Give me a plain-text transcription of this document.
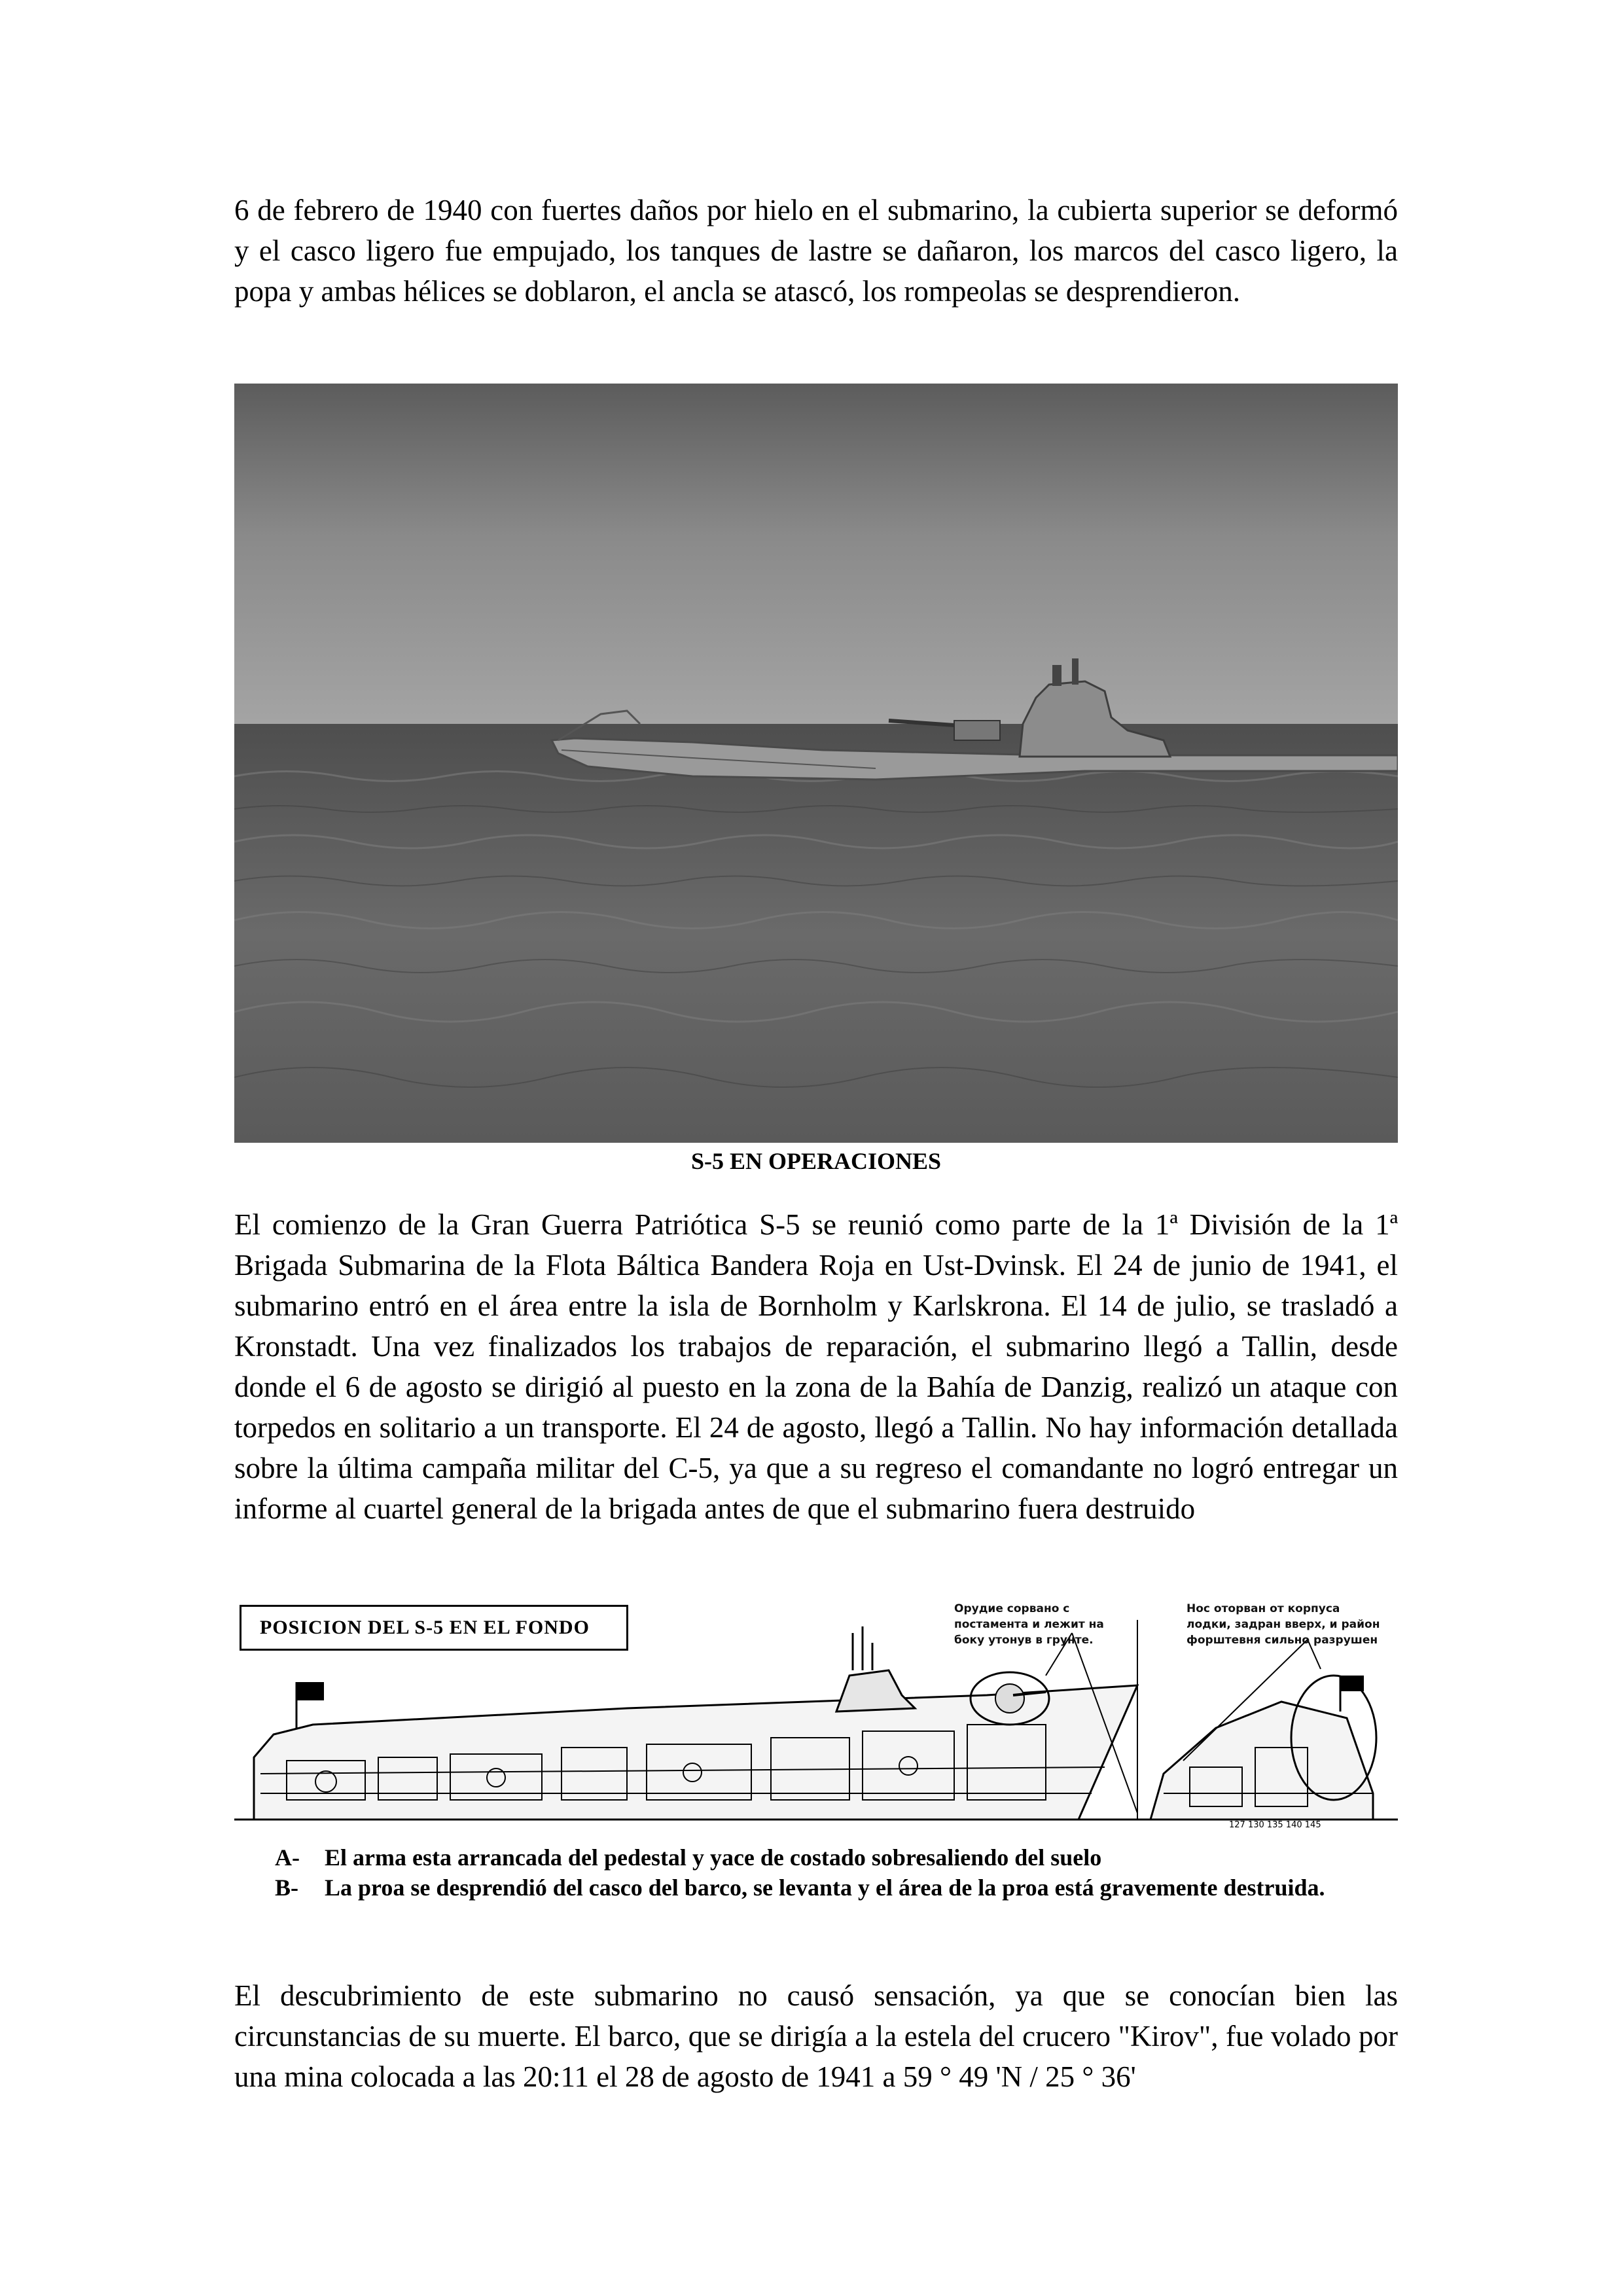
6 de febrero de 1940 con fuertes daños por hielo en el submarino, la cubierta superior se deformó y el casco ligero fue empujado, los tanques de lastre se dañaron, los marcos del casco ligero, la popa y ambas hélices se doblaron, el ancla se atascó, los rompeolas se desprendieron.

S-5 EN OPERACIONES

El comienzo de la Gran Guerra Patriótica S-5 se reunió como parte de la 1ª División de la 1ª Brigada Submarina de la Flota Báltica Bandera Roja en Ust-Dvinsk. El 24 de junio de 1941, el submarino entró en el área entre la isla de Bornholm y Karlskrona. El 14 de julio, se trasladó a Kronstadt. Una vez finalizados los trabajos de reparación, el submarino llegó a Tallin, desde donde el 6 de agosto se dirigió al puesto en la zona de la Bahía de Danzig, realizó un ataque con torpedos en solitario a un transporte. El 24 de agosto, llegó a Tallin. No hay información detallada sobre la última campaña militar del C-5, ya que a su regreso el comandante no logró entregar un informe al cuartel general de la brigada antes de que el submarino fuera destruido

127 130 135 140 145
POSICION DEL S-5 EN EL FONDO
Орудие сорвано с
постамента и лежит на
боку утонув в грунте.
Нос оторван от корпуса
лодки, задран вверх, и район
форштевня сильно разрушен
A- El arma esta arrancada del pedestal y yace de costado sobresaliendo del suelo
B- La proa se desprendió del casco del barco, se levanta y el área de la proa está gravemente destruida.

El descubrimiento de este submarino no causó sensación, ya que se conocían bien las circunstancias de su muerte. El barco, que se dirigía a la estela del crucero "Kirov", fue volado por una mina colocada a las 20:11 el 28 de agosto de 1941 a 59 ° 49 'N / 25 ° 36'
